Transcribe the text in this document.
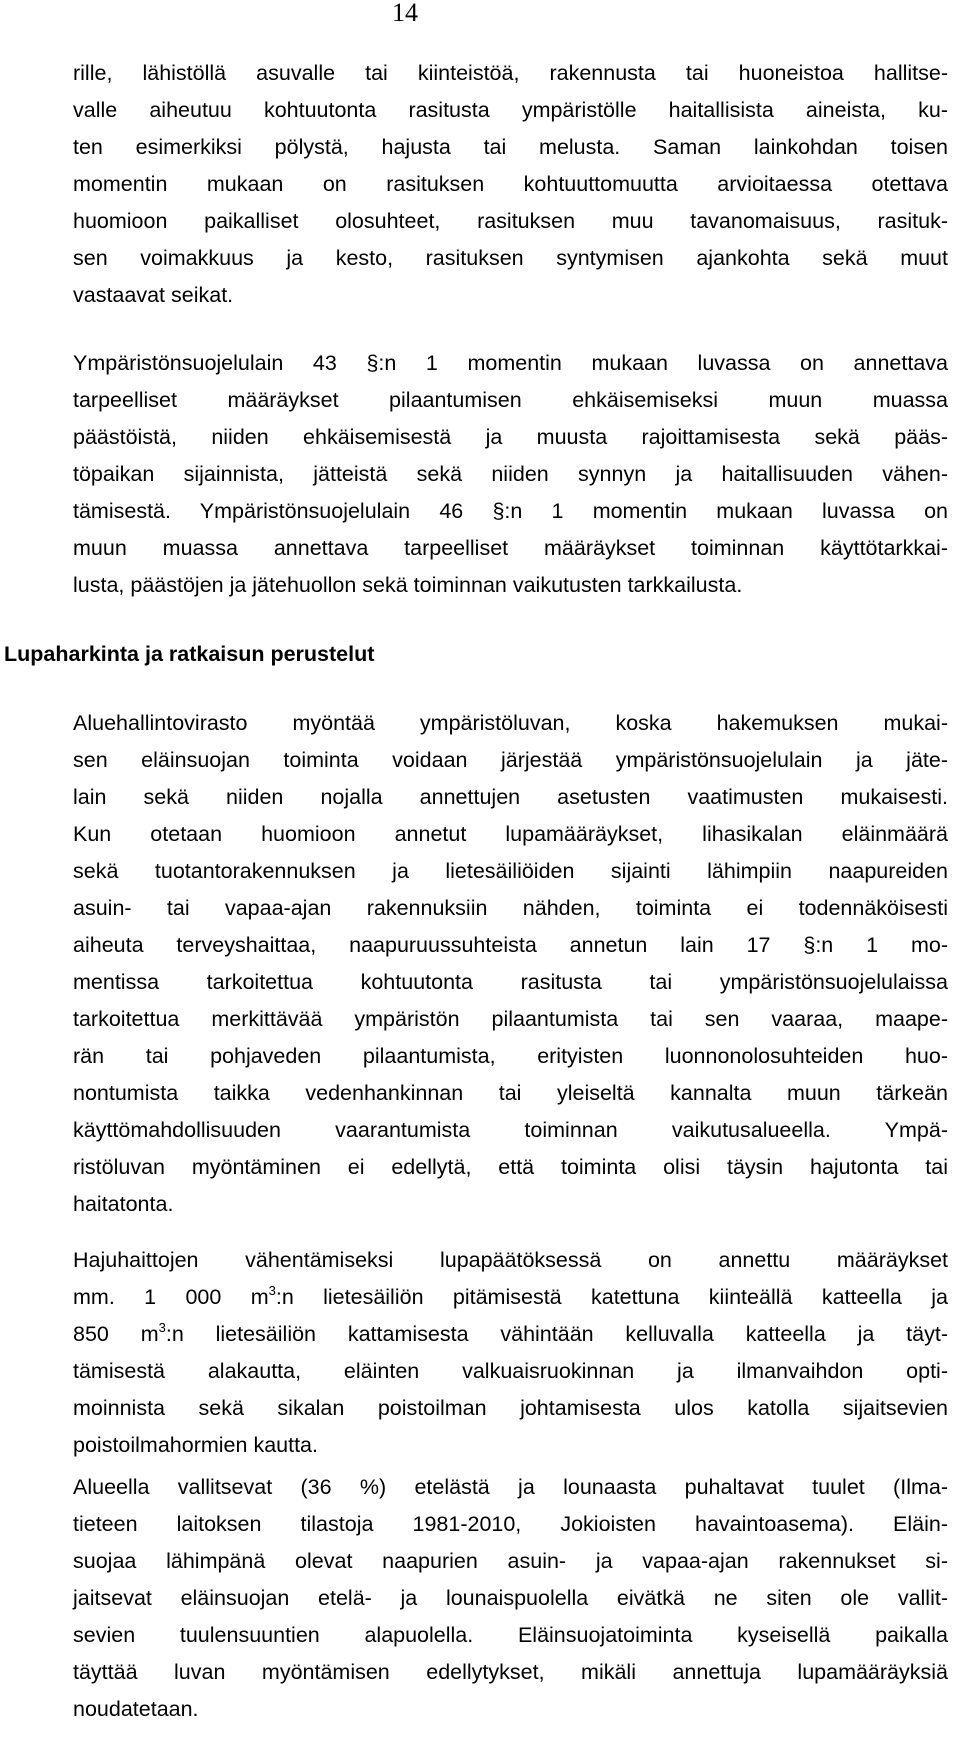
14
rille, lähistöllä asuvalle tai kiinteistöä, rakennusta tai huoneistoa hallitse-
valle aiheutuu kohtuutonta rasitusta ympäristölle haitallisista aineista, ku-
ten esimerkiksi pölystä, hajusta tai melusta. Saman lainkohdan toisen
momentin mukaan on rasituksen kohtuuttomuutta arvioitaessa otettava
huomioon paikalliset olosuhteet, rasituksen muu tavanomaisuus, rasituk-
sen voimakkuus ja kesto, rasituksen syntymisen ajankohta sekä muut
vastaavat seikat.
Ympäristönsuojelulain 43 §:n 1 momentin mukaan luvassa on annettava
tarpeelliset määräykset pilaantumisen ehkäisemiseksi muun muassa
päästöistä, niiden ehkäisemisestä ja muusta rajoittamisesta sekä pääs-
töpaikan sijainnista, jätteistä sekä niiden synnyn ja haitallisuuden vähen-
tämisestä. Ympäristönsuojelulain 46 §:n 1 momentin mukaan luvassa on
muun muassa annettava tarpeelliset määräykset toiminnan käyttötarkkai-
lusta, päästöjen ja jätehuollon sekä toiminnan vaikutusten tarkkailusta.
Lupaharkinta ja ratkaisun perustelut
Aluehallintovirasto myöntää ympäristöluvan, koska hakemuksen mukai-
sen eläinsuojan toiminta voidaan järjestää ympäristönsuojelulain ja jäte-
lain sekä niiden nojalla annettujen asetusten vaatimusten mukaisesti.
Kun otetaan huomioon annetut lupamääräykset, lihasikalan eläinmäärä
sekä tuotantorakennuksen ja lietesäiliöiden sijainti lähimpiin naapureiden
asuin- tai vapaa-ajan rakennuksiin nähden, toiminta ei todennäköisesti
aiheuta terveyshaittaa, naapuruussuhteista annetun lain 17 §:n 1 mo-
mentissa tarkoitettua kohtuutonta rasitusta tai ympäristönsuojelulaissa
tarkoitettua merkittävää ympäristön pilaantumista tai sen vaaraa, maape-
rän tai pohjaveden pilaantumista, erityisten luonnonolosuhteiden huo-
nontumista taikka vedenhankinnan tai yleiseltä kannalta muun tärkeän
käyttömahdollisuuden vaarantumista toiminnan vaikutusalueella. Ympä-
ristöluvan myöntäminen ei edellytä, että toiminta olisi täysin hajutonta tai
haitatonta.
Hajuhaittojen vähentämiseksi lupapäätöksessä on annettu määräykset
mm. 1 000 $m^3:n$ lietesäiliön pitämisestä katettuna kiinteällä katteella ja
850 $m^3:n$ lietesäiliön kattamisesta vähintään kelluvalla katteella ja täyt-
tämisestä alakautta, eläinten valkuaisruokinnan ja ilmanvaihdon opti-
moinnista sekä sikalan poistoilman johtamisesta ulos katolla sijaitsevien
poistoilmahormien kautta.
Alueella vallitsevat (36 %) etelästä ja lounaasta puhaltavat tuulet (Ilma-
tieteen laitoksen tilastoja 1981-2010, Jokioisten havaintoasema). Eläin-
suojaa lähimpänä olevat naapurien asuin- ja vapaa-ajan rakennukset si-
jaitsevat eläinsuojan etelä- ja lounaispuolella eivätkä ne siten ole vallit-
sevien tuulensuuntien alapuolella. Eläinsuojatoiminta kyseisellä paikalla
täyttää luvan myöntämisen edellytykset, mikäli annettuja lupamääräyksiä
noudatetaan.
